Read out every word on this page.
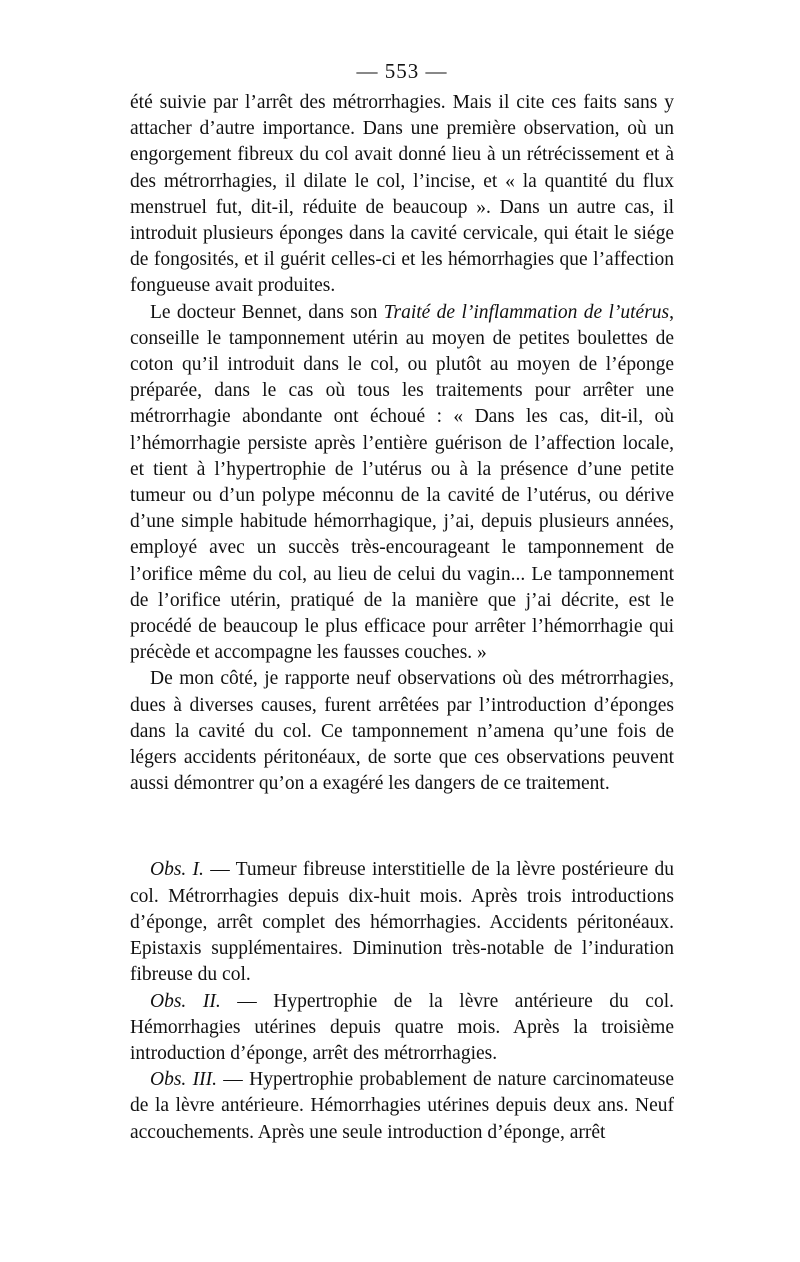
— 553 —

été suivie par l’arrêt des métrorrhagies. Mais il cite ces faits sans y attacher d’autre importance. Dans une première observation, où un engorgement fibreux du col avait donné lieu à un rétrécissement et à des métrorrhagies, il dilate le col, l’incise, et « la quantité du flux menstruel fut, dit-il, réduite de beaucoup ». Dans un autre cas, il introduit plusieurs éponges dans la cavité cervicale, qui était le siége de fongosités, et il guérit celles-ci et les hémorrhagies que l’affection fongueuse avait produites.

Le docteur Bennet, dans son Traité de l’inflammation de l’utérus, conseille le tamponnement utérin au moyen de petites boulettes de coton qu’il introduit dans le col, ou plutôt au moyen de l’éponge préparée, dans le cas où tous les traitements pour arrêter une métrorrhagie abondante ont échoué : « Dans les cas, dit-il, où l’hémorrhagie persiste après l’entière guérison de l’affection locale, et tient à l’hypertrophie de l’utérus ou à la présence d’une petite tumeur ou d’un polype méconnu de la cavité de l’utérus, ou dérive d’une simple habitude hémorrhagique, j’ai, depuis plusieurs années, employé avec un succès très-encourageant le tamponnement de l’orifice même du col, au lieu de celui du vagin... Le tamponnement de l’orifice utérin, pratiqué de la manière que j’ai décrite, est le procédé de beaucoup le plus efficace pour arrêter l’hémorrhagie qui précède et accompagne les fausses couches. »

De mon côté, je rapporte neuf observations où des métrorrhagies, dues à diverses causes, furent arrêtées par l’introduction d’éponges dans la cavité du col. Ce tamponnement n’amena qu’une fois de légers accidents péritonéaux, de sorte que ces observations peuvent aussi démontrer qu’on a exagéré les dangers de ce traitement.

Obs. I. — Tumeur fibreuse interstitielle de la lèvre postérieure du col. Métrorrhagies depuis dix-huit mois. Après trois introductions d’éponge, arrêt complet des hémorrhagies. Accidents péritonéaux. Epistaxis supplémentaires. Diminution très-notable de l’induration fibreuse du col.

Obs. II. — Hypertrophie de la lèvre antérieure du col. Hémorrhagies utérines depuis quatre mois. Après la troisième introduction d’éponge, arrêt des métrorrhagies.

Obs. III. — Hypertrophie probablement de nature carcinomateuse de la lèvre antérieure. Hémorrhagies utérines depuis deux ans. Neuf accouchements. Après une seule introduction d’éponge, arrêt
